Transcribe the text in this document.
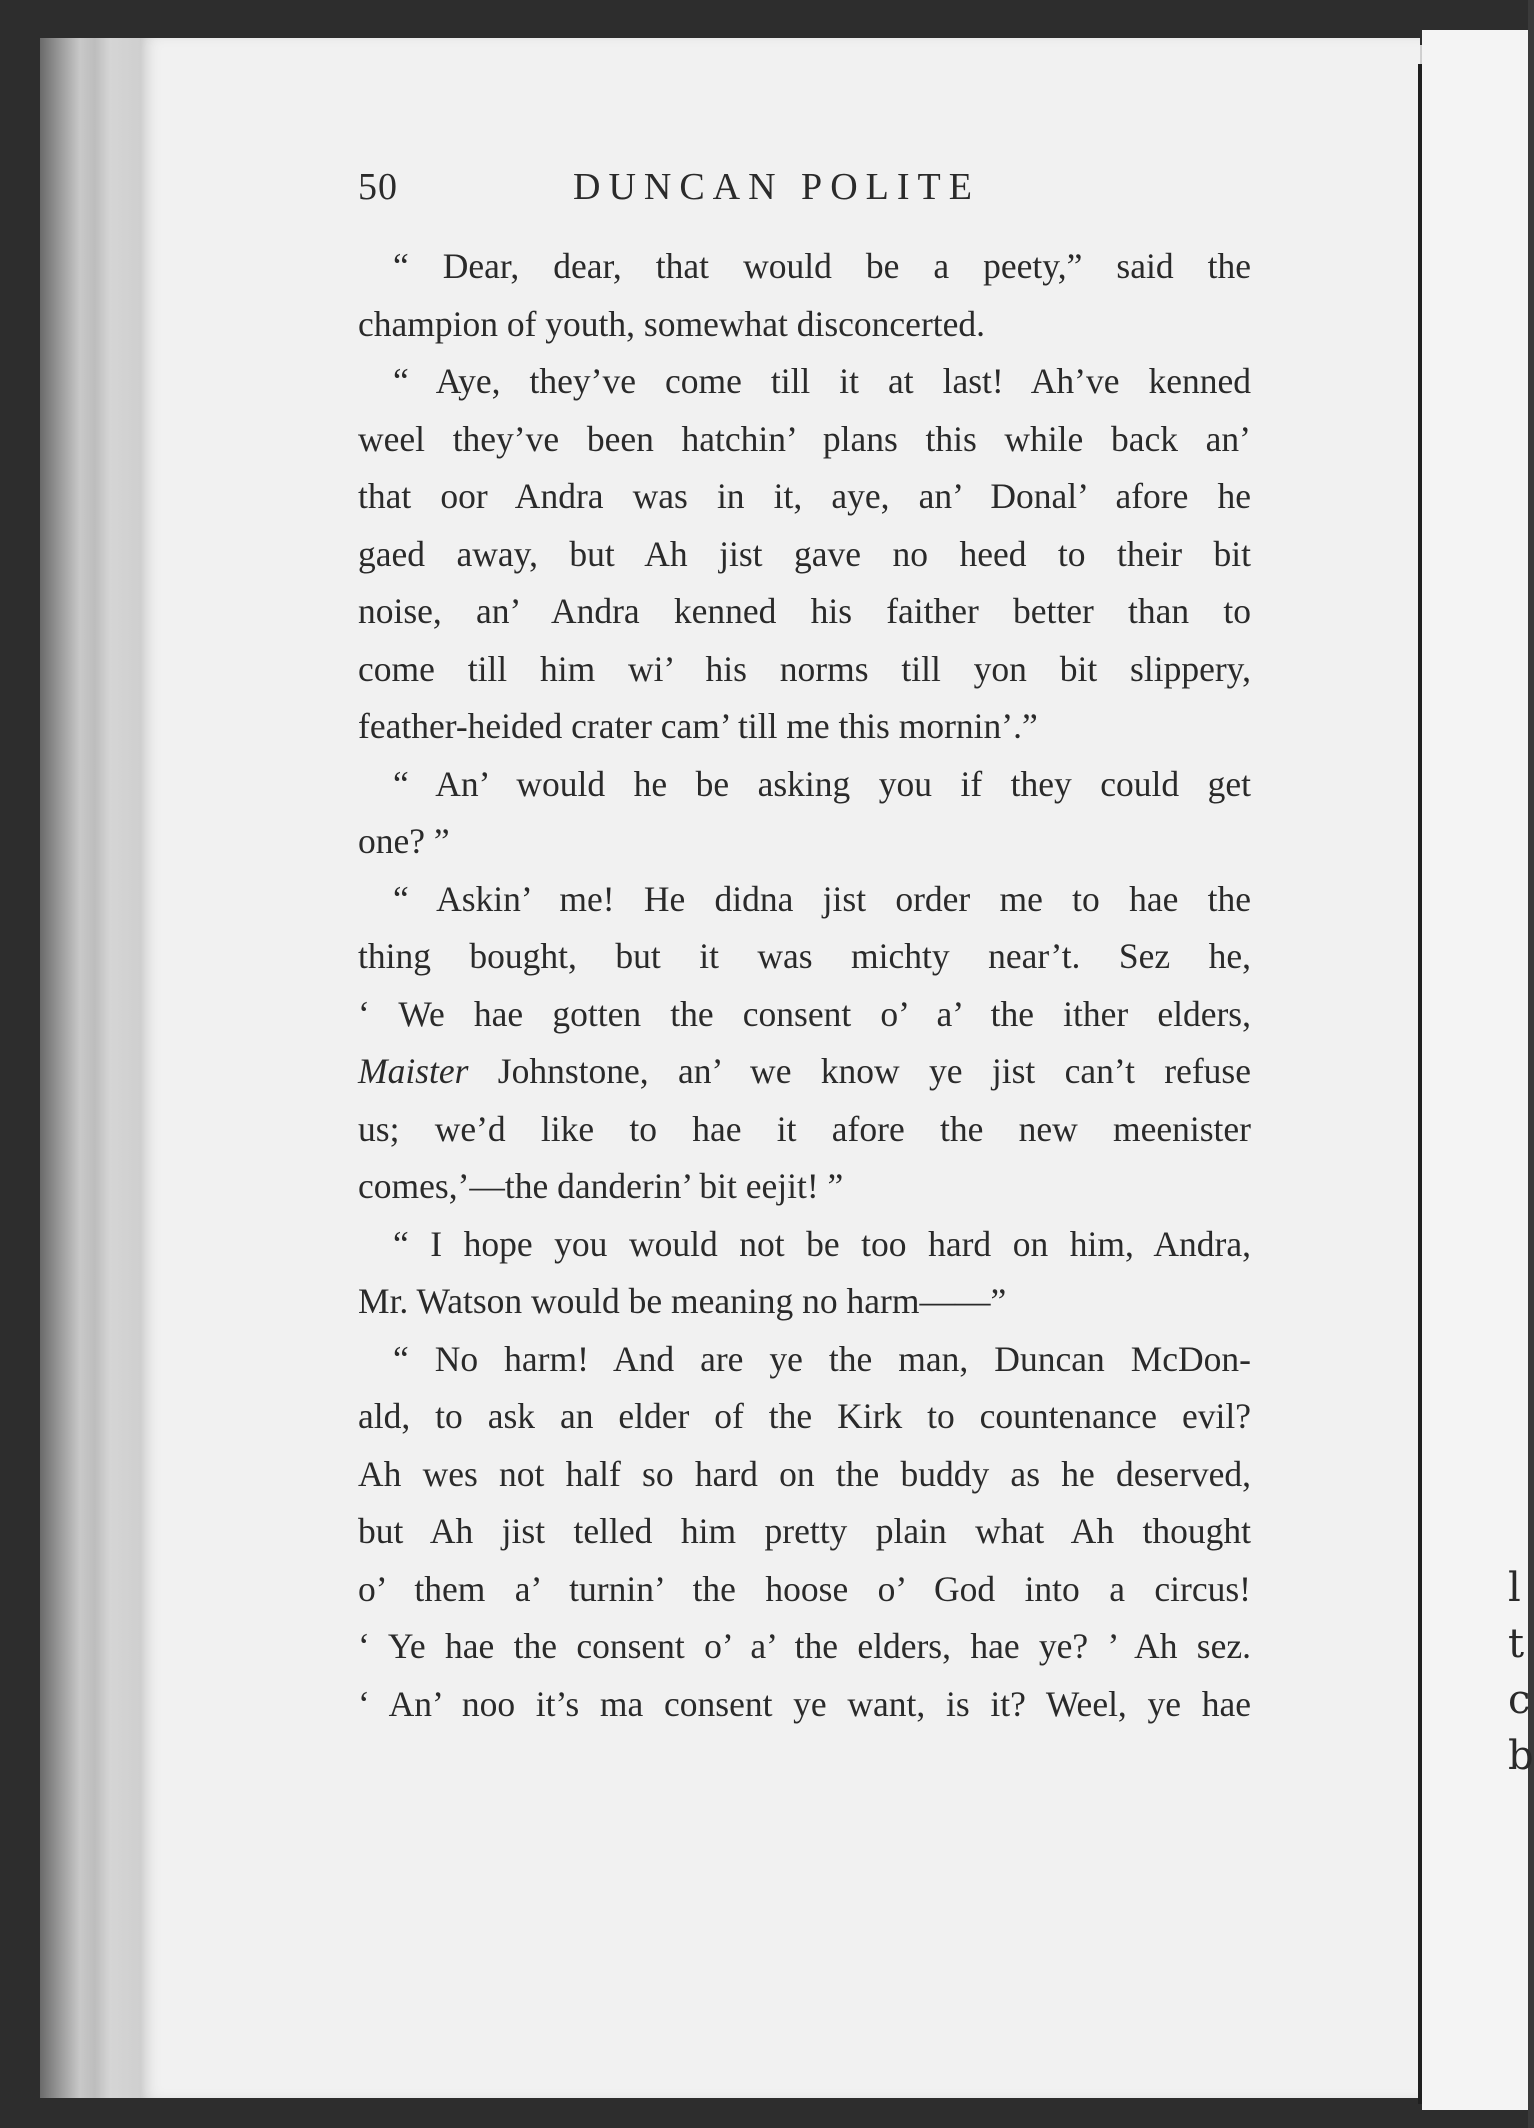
l
t
c
b
50	DUNCAN POLITE
“ Dear, dear, that would be a peety,” said the
champion of youth, somewhat disconcerted.
“ Aye, they’ve come till it at last! Ah’ve kenned
weel they’ve been hatchin’ plans this while back an’
that oor Andra was in it, aye, an’ Donal’ afore he
gaed away, but Ah jist gave no heed to their bit
noise, an’ Andra kenned his faither better than to
come till him wi’ his norms till yon bit slippery,
feather-heided crater cam’ till me this mornin’.”
“ An’ would he be asking you if they could get
one? ”
“ Askin’ me! He didna jist order me to hae the
thing bought, but it was michty near’t. Sez he,
‘ We hae gotten the consent o’ a’ the ither elders,
Maister Johnstone, an’ we know ye jist can’t refuse
us; we’d like to hae it afore the new meenister
comes,’—the danderin’ bit eejit! ”
“ I hope you would not be too hard on him, Andra,
Mr. Watson would be meaning no harm——”
“ No harm! And are ye the man, Duncan McDon-
ald, to ask an elder of the Kirk to countenance evil?
Ah wes not half so hard on the buddy as he deserved,
but Ah jist telled him pretty plain what Ah thought
o’ them a’ turnin’ the hoose o’ God into a circus!
‘ Ye hae the consent o’ a’ the elders, hae ye? ’ Ah sez.
‘ An’ noo it’s ma consent ye want, is it? Weel, ye hae
